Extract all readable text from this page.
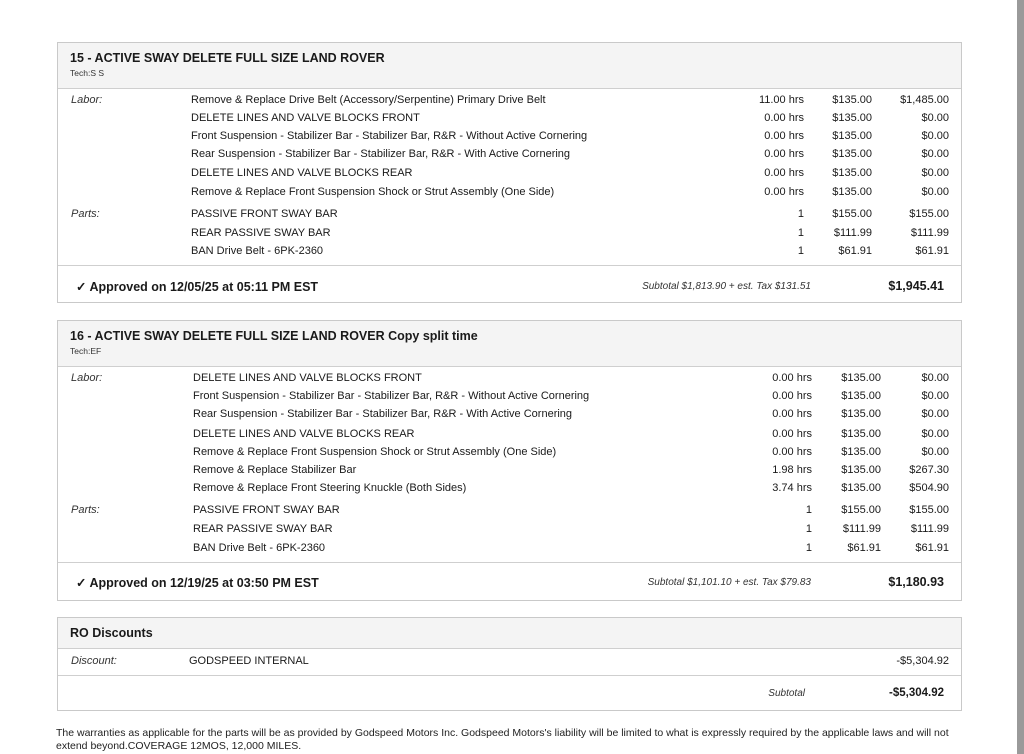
15 - ACTIVE SWAY DELETE FULL SIZE LAND ROVER
Tech:S S
Labor:	Remove & Replace Drive Belt (Accessory/Serpentine) Primary Drive Belt	11.00 hrs	$135.00	$1,485.00
DELETE LINES AND VALVE BLOCKS FRONT	0.00 hrs	$135.00	$0.00
Front Suspension - Stabilizer Bar - Stabilizer Bar, R&R - Without Active Cornering	0.00 hrs	$135.00	$0.00
Rear Suspension - Stabilizer Bar - Stabilizer Bar, R&R - With Active Cornering	0.00 hrs	$135.00	$0.00
DELETE LINES AND VALVE BLOCKS REAR	0.00 hrs	$135.00	$0.00
Remove & Replace Front Suspension Shock or Strut Assembly (One Side)	0.00 hrs	$135.00	$0.00
Parts:	PASSIVE FRONT SWAY BAR	1	$155.00	$155.00
REAR PASSIVE SWAY BAR	1	$111.99	$111.99
BAN Drive Belt - 6PK-2360	1	$61.91	$61.91
✓ Approved on 12/05/25 at 05:11 PM EST	Subtotal $1,813.90 + est. Tax $131.51	$1,945.41
16 - ACTIVE SWAY DELETE FULL SIZE LAND ROVER Copy split time
Tech:EF
Labor:	DELETE LINES AND VALVE BLOCKS FRONT	0.00 hrs	$135.00	$0.00
Front Suspension - Stabilizer Bar - Stabilizer Bar, R&R - Without Active Cornering	0.00 hrs	$135.00	$0.00
Rear Suspension - Stabilizer Bar - Stabilizer Bar, R&R - With Active Cornering	0.00 hrs	$135.00	$0.00
DELETE LINES AND VALVE BLOCKS REAR	0.00 hrs	$135.00	$0.00
Remove & Replace Front Suspension Shock or Strut Assembly (One Side)	0.00 hrs	$135.00	$0.00
Remove & Replace Stabilizer Bar	1.98 hrs	$135.00	$267.30
Remove & Replace Front Steering Knuckle (Both Sides)	3.74 hrs	$135.00	$504.90
Parts:	PASSIVE FRONT SWAY BAR	1	$155.00	$155.00
REAR PASSIVE SWAY BAR	1	$111.99	$111.99
BAN Drive Belt - 6PK-2360	1	$61.91	$61.91
✓ Approved on 12/19/25 at 03:50 PM EST	Subtotal $1,101.10 + est. Tax $79.83	$1,180.93
RO Discounts
Discount:	GODSPEED INTERNAL	-$5,304.92
Subtotal	-$5,304.92
The warranties as applicable for the parts will be as provided by Godspeed Motors Inc. Godspeed Motors's liability will be limited to what is expressly required by the applicable laws and will not extend beyond.COVERAGE 12MOS, 12,000 MILES.
